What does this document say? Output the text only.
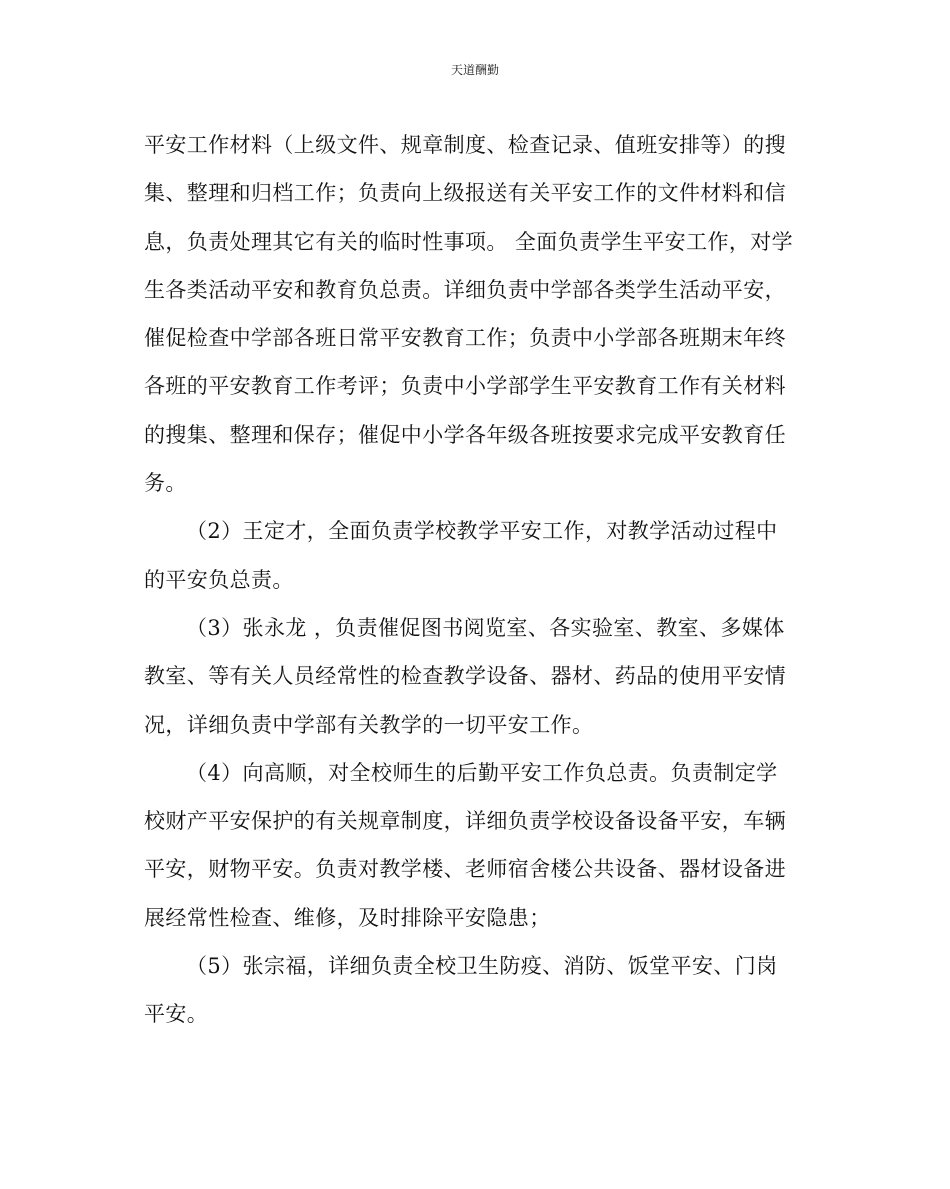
天道酬勤
平安工作材料（上级文件、规章制度、检查记录、值班安排等）的搜
集、整理和归档工作；负责向上级报送有关平安工作的文件材料和信
息，负责处理其它有关的临时性事项。 全面负责学生平安工作，对学
生各类活动平安和教育负总责。详细负责中学部各类学生活动平安，
催促检查中学部各班日常平安教育工作；负责中小学部各班期末年终
各班的平安教育工作考评；负责中小学部学生平安教育工作有关材料
的搜集、整理和保存；催促中小学各年级各班按要求完成平安教育任
务。
（2）王定才，全面负责学校教学平安工作，对教学活动过程中
的平安负总责。
（3）张永龙 ，负责催促图书阅览室、各实验室、教室、多媒体
教室、等有关人员经常性的检查教学设备、器材、药品的使用平安情
况，详细负责中学部有关教学的一切平安工作。
（4）向高顺，对全校师生的后勤平安工作负总责。负责制定学
校财产平安保护的有关规章制度，详细负责学校设备设备平安，车辆
平安，财物平安。负责对教学楼、老师宿舍楼公共设备、器材设备进
展经常性检查、维修，及时排除平安隐患；
（5）张宗福，详细负责全校卫生防疫、消防、饭堂平安、门岗
平安。
